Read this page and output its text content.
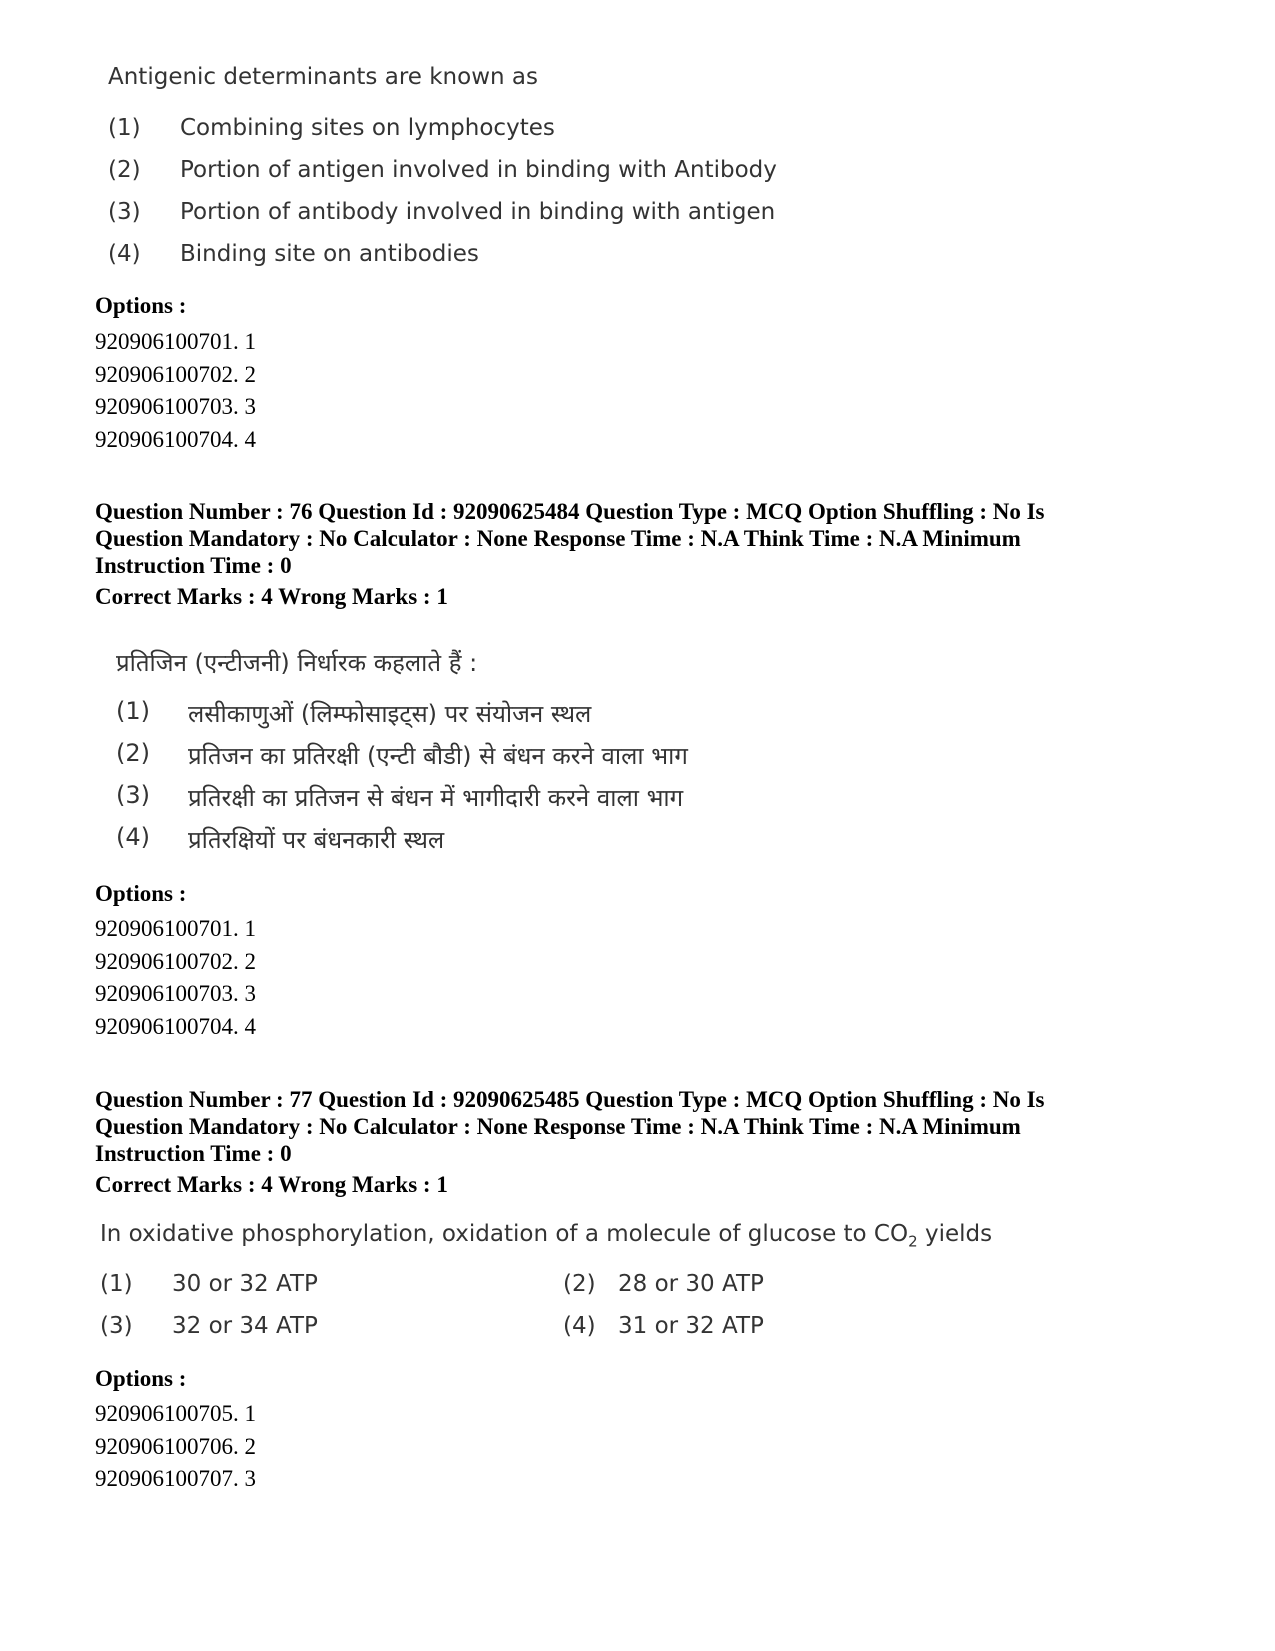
Antigenic determinants are known as
(1) Combining sites on lymphocytes
(2) Portion of antigen involved in binding with Antibody
(3) Portion of antibody involved in binding with antigen
(4) Binding site on antibodies
Options :
920906100701. 1
920906100702. 2
920906100703. 3
920906100704. 4
Question Number : 76 Question Id : 92090625484 Question Type : MCQ Option Shuffling : No Is
Question Mandatory : No Calculator : None Response Time : N.A Think Time : N.A Minimum
Instruction Time : 0
Correct Marks : 4 Wrong Marks : 1
प्रतिजिन (एन्टीजनी) निर्धारक कहलाते हैं :
(1) लसीकाणुओं (लिम्फोसाइट्स) पर संयोजन स्थल
(2) प्रतिजन का प्रतिरक्षी (एन्टी बौडी) से बंधन करने वाला भाग
(3) प्रतिरक्षी का प्रतिजन से बंधन में भागीदारी करने वाला भाग
(4) प्रतिरक्षियों पर बंधनकारी स्थल
Options :
920906100701. 1
920906100702. 2
920906100703. 3
920906100704. 4
Question Number : 77 Question Id : 92090625485 Question Type : MCQ Option Shuffling : No Is
Question Mandatory : No Calculator : None Response Time : N.A Think Time : N.A Minimum
Instruction Time : 0
Correct Marks : 4 Wrong Marks : 1
In oxidative phosphorylation, oxidation of a molecule of glucose to $CO_2$ yields
(1) 30 or 32 ATP	(2) 28 or 30 ATP
(3) 32 or 34 ATP	(4) 31 or 32 ATP
Options :
920906100705. 1
920906100706. 2
920906100707. 3
